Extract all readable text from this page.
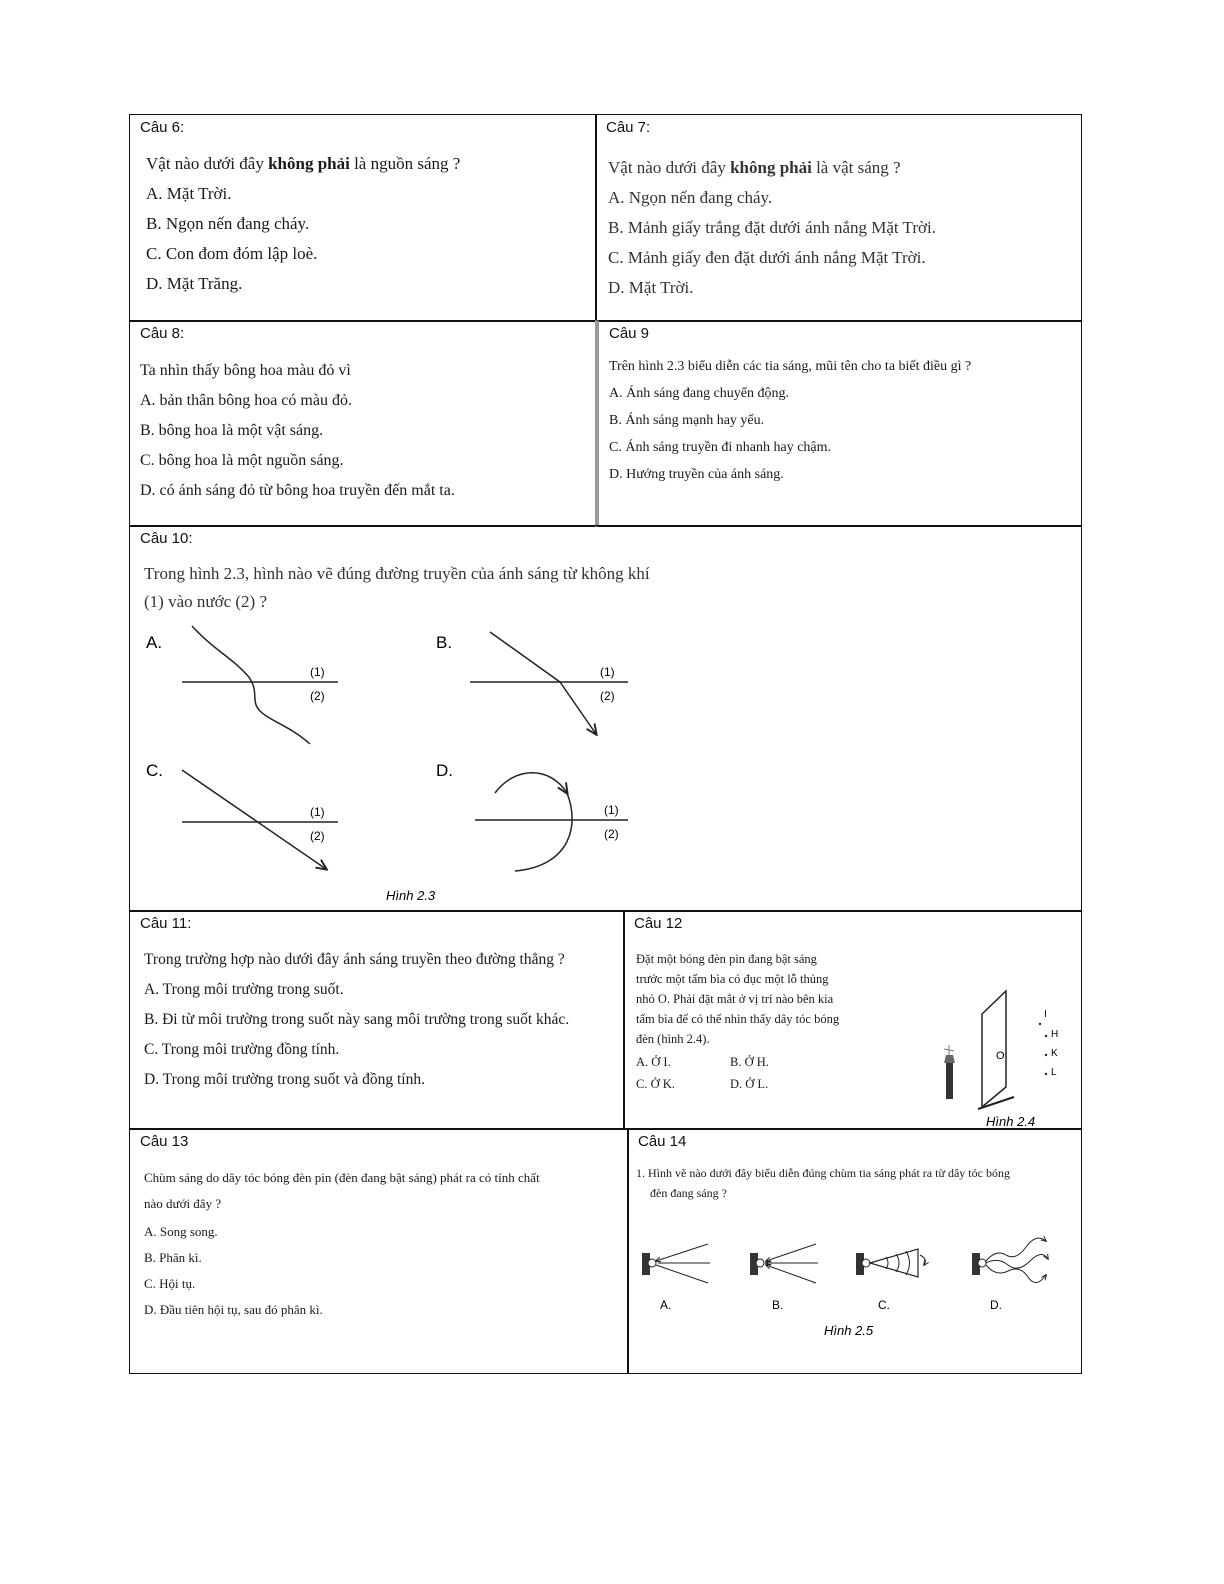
Câu 6:
Vật nào dưới đây không phải là nguồn sáng ?
A. Mặt Trời.
B. Ngọn nến đang cháy.
C. Con đom đóm lập loè.
D. Mặt Trăng.
Câu 7:
Vật nào dưới đây không phải là vật sáng ?
A. Ngọn nến đang cháy.
B. Mảnh giấy trắng đặt dưới ánh nắng Mặt Trời.
C. Mảnh giấy đen đặt dưới ánh nắng Mặt Trời.
D. Mặt Trời.
Câu 8:
Ta nhìn thấy bông hoa màu đỏ vì
A. bản thân bông hoa có màu đỏ.
B. bông hoa là một vật sáng.
C. bông hoa là một nguồn sáng.
D. có ánh sáng đỏ từ bông hoa truyền đến mắt ta.
Câu 9
Trên hình 2.3 biểu diễn các tia sáng, mũi tên cho ta biết điều gì ?
A. Ánh sáng đang chuyển động.
B. Ánh sáng mạnh hay yếu.
C. Ánh sáng truyền đi nhanh hay chậm.
D. Hướng truyền của ánh sáng.
Câu 10:
Trong hình 2.3, hình nào vẽ đúng đường truyền của ánh sáng từ không khí
(1) vào nước (2) ?
A.
(1)
(2)
B.
(1)
(2)
C.
(1)
(2)
D.
(1)
(2)
Hình 2.3
Câu 11:
Trong trường hợp nào dưới đây ánh sáng truyền theo đường thẳng ?
A. Trong môi trường trong suốt.
B. Đi từ môi trường trong suốt này sang môi trường trong suốt khác.
C. Trong môi trường đồng tính.
D. Trong môi trường trong suốt và đồng tính.
Câu 12
Đặt một bóng đèn pin đang bật sáng
trước một tấm bìa có đục một lỗ thủng
nhỏ O. Phải đặt mắt ở vị trí nào bên kia
tấm bìa để có thể nhìn thấy dây tóc bóng
đèn (hình 2.4).
A. Ở I.	B. Ở H.
C. Ở K.	D. Ở L.
O
I
H
K
L
Hình 2.4
Câu 13
Chùm sáng do dây tóc bóng đèn pin (đèn đang bật sáng) phát ra có tính chất
nào dưới đây ?
A. Song song.
B. Phân kì.
C. Hội tụ.
D. Đầu tiên hội tụ, sau đó phân kì.
Câu 14
1. Hình vẽ nào dưới đây biểu diễn đúng chùm tia sáng phát ra từ dây tóc bóng
đèn đang sáng ?
A.	B.	C.	D.
Hình 2.5
